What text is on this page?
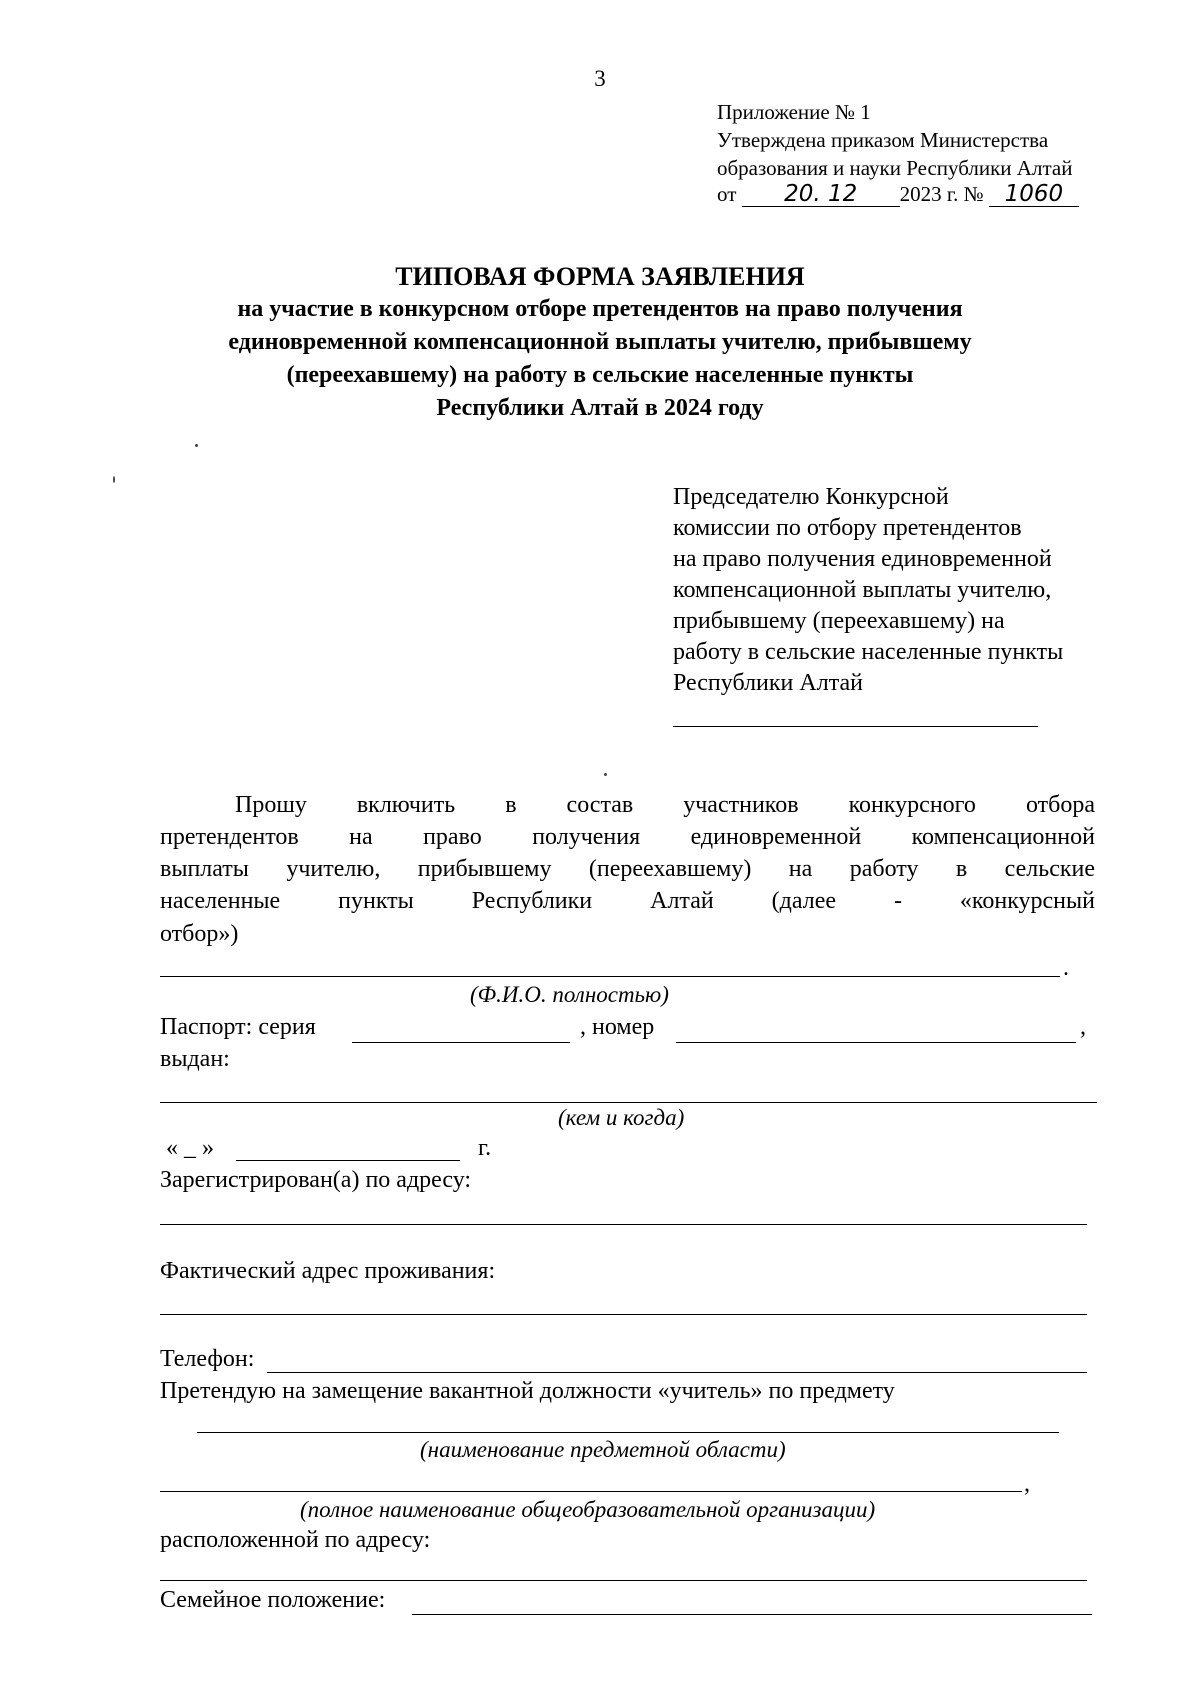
3
Приложение № 1
Утверждена приказом Министерства
образования и науки Республики Алтай
от 20. 12 2023 г. № 1060
ТИПОВАЯ ФОРМА ЗАЯВЛЕНИЯ
на участие в конкурсном отборе претендентов на право получения
единовременной компенсационной выплаты учителю, прибывшему
(переехавшему) на работу в сельские населенные пункты
Республики Алтай в 2024 году
Председателю Конкурсной
комиссии по отбору претендентов
на право получения единовременной
компенсационной выплаты учителю,
прибывшему (переехавшему) на
работу в сельские населенные пункты
Республики Алтай
Прошу включить в состав участников конкурсного отбора
претендентов на право получения единовременной компенсационной
выплаты учителю, прибывшему (переехавшему) на работу в сельские
населенные пункты Республики Алтай (далее - «конкурсный
отбор»)
.
(Ф.И.О. полностью)
Паспорт: серия	, номер	,
выдан:
(кем и когда)
« _ »	г.
Зарегистрирован(а) по адресу:
Фактический адрес проживания:
Телефон:
Претендую на замещение вакантной должности «учитель» по предмету
(наименование предметной области)
,
(полное наименование общеобразовательной организации)
расположенной по адресу:
Семейное положение:
